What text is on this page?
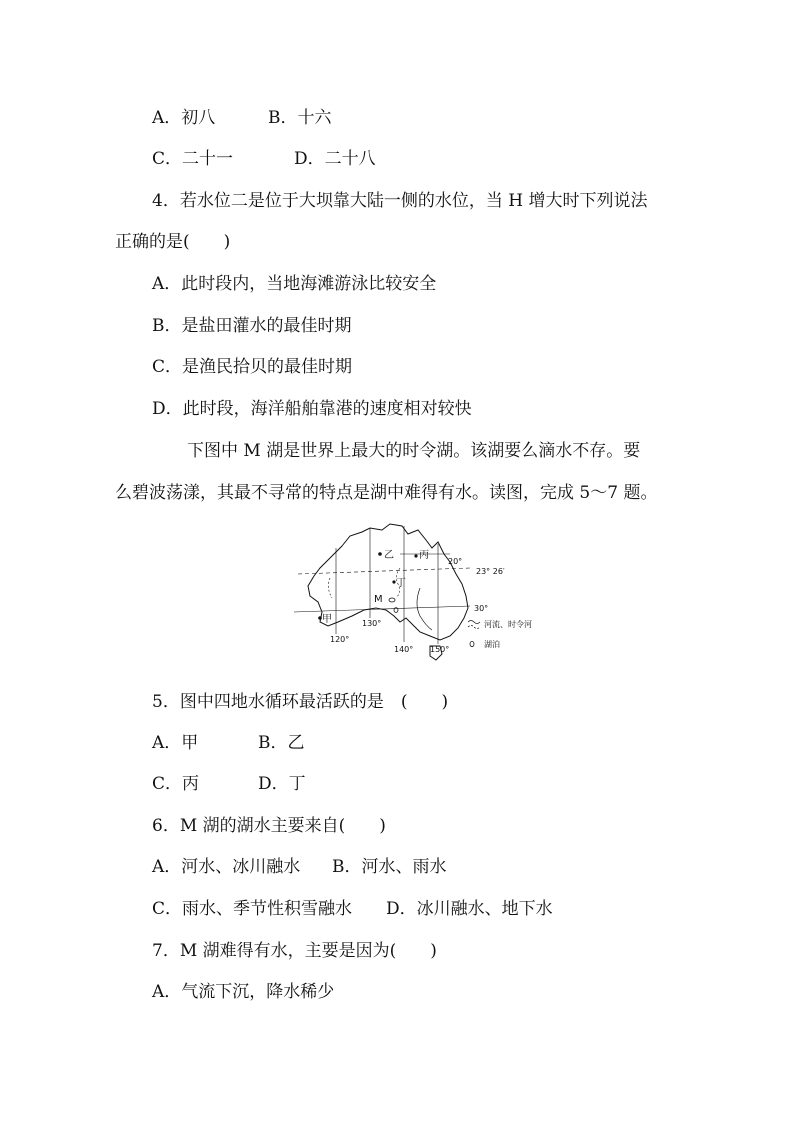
A．初八	B．十六
C．二十一	D．二十八
4．若水位二是位于大坝靠大陆一侧的水位，当 H 增大时下列说法
正确的是(　　)
A．此时段内，当地海滩游泳比较安全
B．是盐田灌水的最佳时期
C．是渔民拾贝的最佳时期
D．此时段，海洋船舶靠港的速度相对较快
下图中 M 湖是世界上最大的时令湖。该湖要么滴水不存。要
么碧波荡漾，其最不寻常的特点是湖中难得有水。读图，完成 5～7 题。
乙	丙
丁
M
甲
20°
23° 26′
30°
120°
130°
140° 150°
河流、时令河
湖泊
5．图中四地水循环最活跃的是　(　　)
A．甲	B．乙
C．丙	D．丁
6．M 湖的湖水主要来自(　　)
A．河水、冰川融水 B．河水、雨水
C．雨水、季节性积雪融水 D．冰川融水、地下水
7．M 湖难得有水，主要是因为(　　)
A．气流下沉，降水稀少
